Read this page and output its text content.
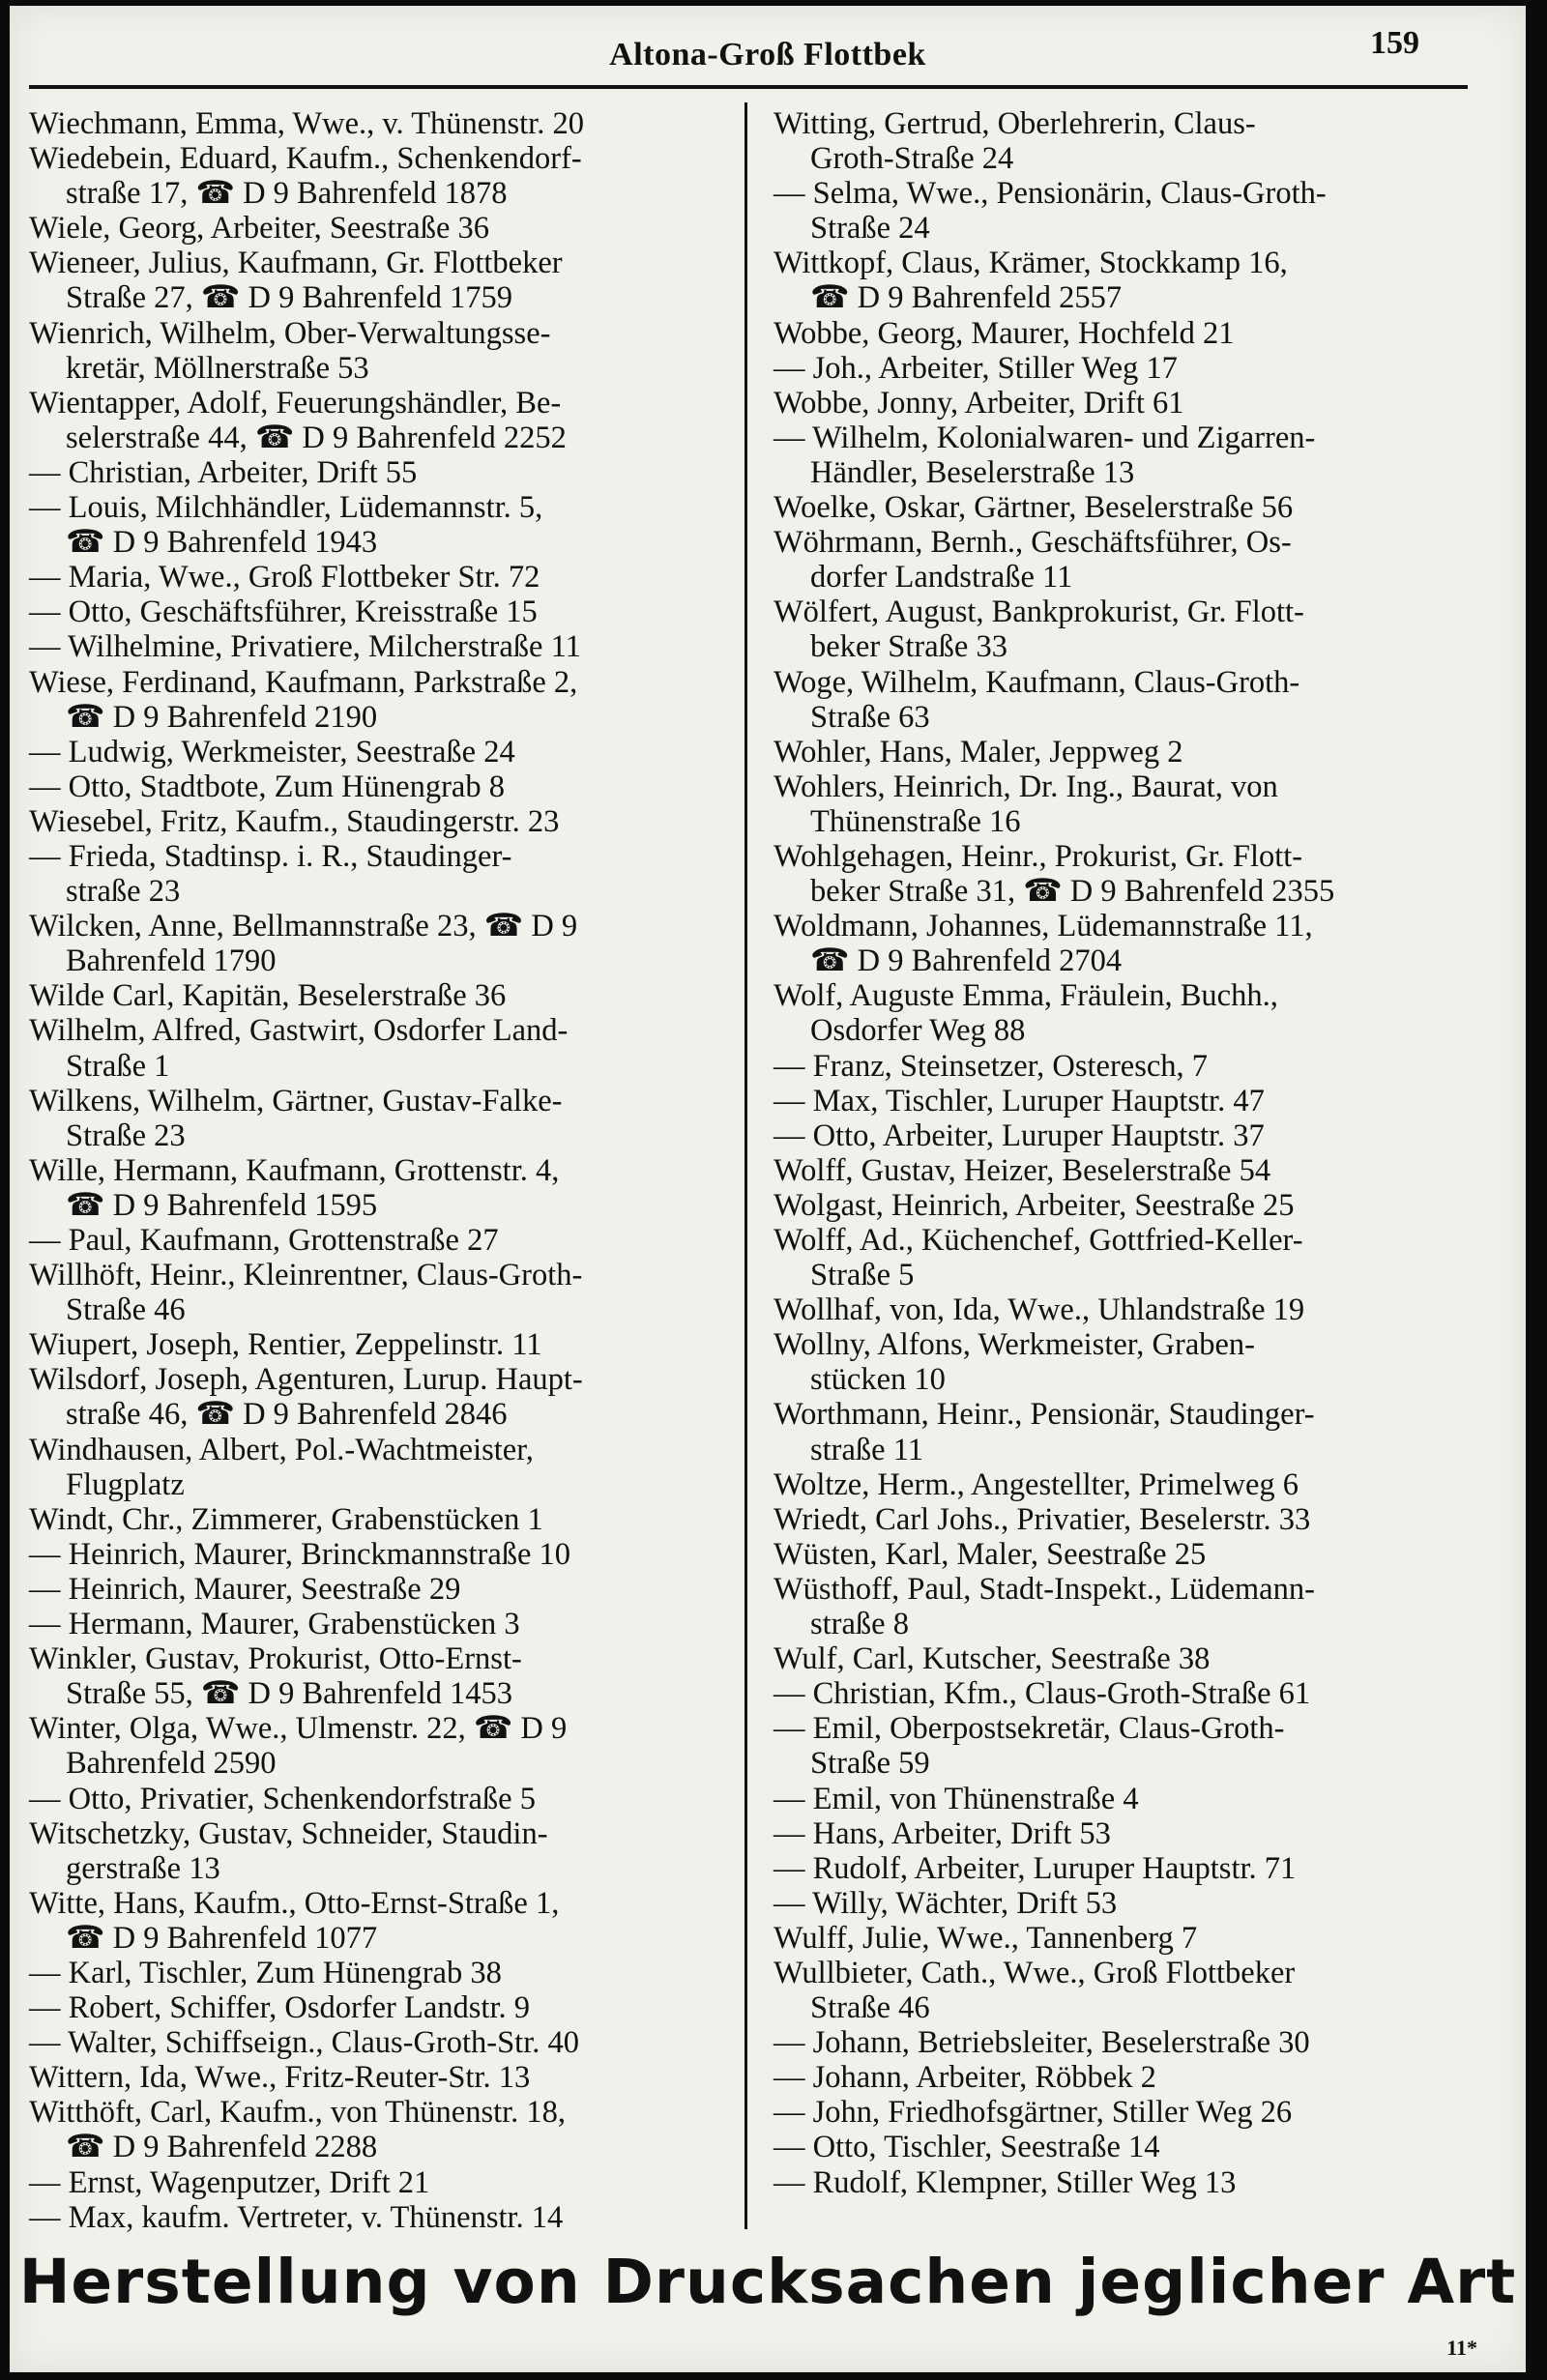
Altona-Groß Flottbek	159
Wiechmann, Emma, Wwe., v. Thünenstr. 20
Wiedebein, Eduard, Kaufm., Schenkendorf-
straße 17, ☎ D 9 Bahrenfeld 1878
Wiele, Georg, Arbeiter, Seestraße 36
Wieneer, Julius, Kaufmann, Gr. Flottbeker
Straße 27, ☎ D 9 Bahrenfeld 1759
Wienrich, Wilhelm, Ober-Verwaltungsse-
kretär, Möllnerstraße 53
Wientapper, Adolf, Feuerungshändler, Be-
selerstraße 44, ☎ D 9 Bahrenfeld 2252
— Christian, Arbeiter, Drift 55
— Louis, Milchhändler, Lüdemannstr. 5,
☎ D 9 Bahrenfeld 1943
— Maria, Wwe., Groß Flottbeker Str. 72
— Otto, Geschäftsführer, Kreisstraße 15
— Wilhelmine, Privatiere, Milcherstraße 11
Wiese, Ferdinand, Kaufmann, Parkstraße 2,
☎ D 9 Bahrenfeld 2190
— Ludwig, Werkmeister, Seestraße 24
— Otto, Stadtbote, Zum Hünengrab 8
Wiesebel, Fritz, Kaufm., Staudingerstr. 23
— Frieda, Stadtinsp. i. R., Staudinger-
straße 23
Wilcken, Anne, Bellmannstraße 23, ☎ D 9
Bahrenfeld 1790
Wilde Carl, Kapitän, Beselerstraße 36
Wilhelm, Alfred, Gastwirt, Osdorfer Land-
Straße 1
Wilkens, Wilhelm, Gärtner, Gustav-Falke-
Straße 23
Wille, Hermann, Kaufmann, Grottenstr. 4,
☎ D 9 Bahrenfeld 1595
— Paul, Kaufmann, Grottenstraße 27
Willhöft, Heinr., Kleinrentner, Claus-Groth-
Straße 46
Wiupert, Joseph, Rentier, Zeppelinstr. 11
Wilsdorf, Joseph, Agenturen, Lurup. Haupt-
straße 46, ☎ D 9 Bahrenfeld 2846
Windhausen, Albert, Pol.-Wachtmeister,
Flugplatz
Windt, Chr., Zimmerer, Grabenstücken 1
— Heinrich, Maurer, Brinckmannstraße 10
— Heinrich, Maurer, Seestraße 29
— Hermann, Maurer, Grabenstücken 3
Winkler, Gustav, Prokurist, Otto-Ernst-
Straße 55, ☎ D 9 Bahrenfeld 1453
Winter, Olga, Wwe., Ulmenstr. 22, ☎ D 9
Bahrenfeld 2590
— Otto, Privatier, Schenkendorfstraße 5
Witschetzky, Gustav, Schneider, Staudin-
gerstraße 13
Witte, Hans, Kaufm., Otto-Ernst-Straße 1,
☎ D 9 Bahrenfeld 1077
— Karl, Tischler, Zum Hünengrab 38
— Robert, Schiffer, Osdorfer Landstr. 9
— Walter, Schiffseign., Claus-Groth-Str. 40
Wittern, Ida, Wwe., Fritz-Reuter-Str. 13
Witthöft, Carl, Kaufm., von Thünenstr. 18,
☎ D 9 Bahrenfeld 2288
— Ernst, Wagenputzer, Drift 21
— Max, kaufm. Vertreter, v. Thünenstr. 14
Witting, Gertrud, Oberlehrerin, Claus-
Groth-Straße 24
— Selma, Wwe., Pensionärin, Claus-Groth-
Straße 24
Wittkopf, Claus, Krämer, Stockkamp 16,
☎ D 9 Bahrenfeld 2557
Wobbe, Georg, Maurer, Hochfeld 21
— Joh., Arbeiter, Stiller Weg 17
Wobbe, Jonny, Arbeiter, Drift 61
— Wilhelm, Kolonialwaren- und Zigarren-
Händler, Beselerstraße 13
Woelke, Oskar, Gärtner, Beselerstraße 56
Wöhrmann, Bernh., Geschäftsführer, Os-
dorfer Landstraße 11
Wölfert, August, Bankprokurist, Gr. Flott-
beker Straße 33
Woge, Wilhelm, Kaufmann, Claus-Groth-
Straße 63
Wohler, Hans, Maler, Jeppweg 2
Wohlers, Heinrich, Dr. Ing., Baurat, von
Thünenstraße 16
Wohlgehagen, Heinr., Prokurist, Gr. Flott-
beker Straße 31, ☎ D 9 Bahrenfeld 2355
Woldmann, Johannes, Lüdemannstraße 11,
☎ D 9 Bahrenfeld 2704
Wolf, Auguste Emma, Fräulein, Buchh.,
Osdorfer Weg 88
— Franz, Steinsetzer, Osteresch, 7
— Max, Tischler, Luruper Hauptstr. 47
— Otto, Arbeiter, Luruper Hauptstr. 37
Wolff, Gustav, Heizer, Beselerstraße 54
Wolgast, Heinrich, Arbeiter, Seestraße 25
Wolff, Ad., Küchenchef, Gottfried-Keller-
Straße 5
Wollhaf, von, Ida, Wwe., Uhlandstraße 19
Wollny, Alfons, Werkmeister, Graben-
stücken 10
Worthmann, Heinr., Pensionär, Staudinger-
straße 11
Woltze, Herm., Angestellter, Primelweg 6
Wriedt, Carl Johs., Privatier, Beselerstr. 33
Wüsten, Karl, Maler, Seestraße 25
Wüsthoff, Paul, Stadt-Inspekt., Lüdemann-
straße 8
Wulf, Carl, Kutscher, Seestraße 38
— Christian, Kfm., Claus-Groth-Straße 61
— Emil, Oberpostsekretär, Claus-Groth-
Straße 59
— Emil, von Thünenstraße 4
— Hans, Arbeiter, Drift 53
— Rudolf, Arbeiter, Luruper Hauptstr. 71
— Willy, Wächter, Drift 53
Wulff, Julie, Wwe., Tannenberg 7
Wullbieter, Cath., Wwe., Groß Flottbeker
Straße 46
— Johann, Betriebsleiter, Beselerstraße 30
— Johann, Arbeiter, Röbbek 2
— John, Friedhofsgärtner, Stiller Weg 26
— Otto, Tischler, Seestraße 14
— Rudolf, Klempner, Stiller Weg 13
Herstellung von Drucksachen jeglicher Art
11*
